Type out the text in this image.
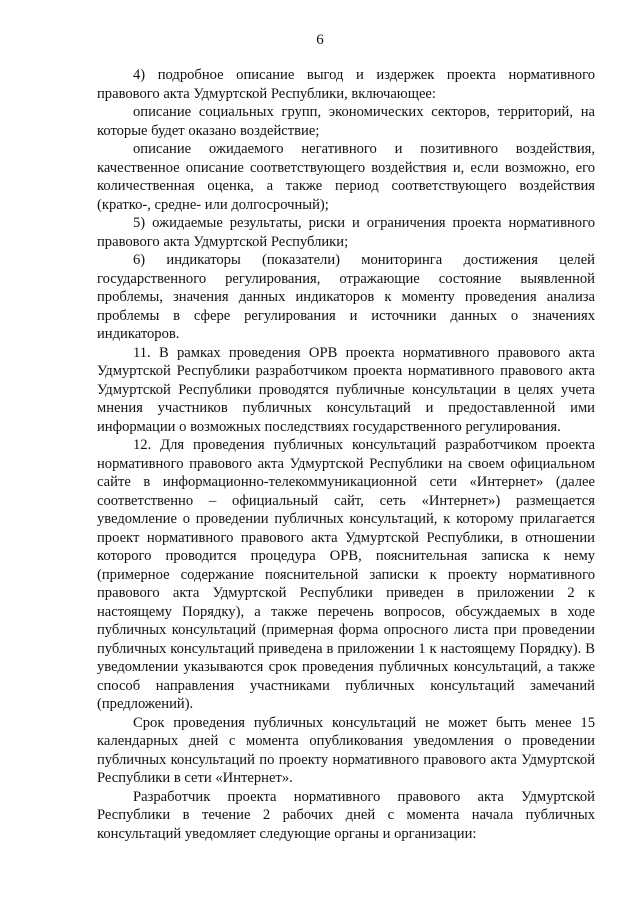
6

4) подробное описание выгод и издержек проекта нормативного правового акта Удмуртской Республики, включающее:

описание социальных групп, экономических секторов, территорий, на которые будет оказано воздействие;

описание ожидаемого негативного и позитивного воздействия, качественное описание соответствующего воздействия и, если возможно, его количественная оценка, а также период соответствующего воздействия (кратко-, средне- или долгосрочный);

5) ожидаемые результаты, риски и ограничения проекта нормативного правового акта Удмуртской Республики;

6) индикаторы (показатели) мониторинга достижения целей государственного регулирования, отражающие состояние выявленной проблемы, значения данных индикаторов к моменту проведения анализа проблемы в сфере регулирования и источники данных о значениях индикаторов.

11. В рамках проведения ОРВ проекта нормативного правового акта Удмуртской Республики разработчиком проекта нормативного правового акта Удмуртской Республики проводятся публичные консультации в целях учета мнения участников публичных консультаций и предоставленной ими информации о возможных последствиях государственного регулирования.

12. Для проведения публичных консультаций разработчиком проекта нормативного правового акта Удмуртской Республики на своем официальном сайте в информационно-телекоммуникационной сети «Интернет» (далее соответственно – официальный сайт, сеть «Интернет») размещается уведомление о проведении публичных консультаций, к которому прилагается проект нормативного правового акта Удмуртской Республики, в отношении которого проводится процедура ОРВ, пояснительная записка к нему (примерное содержание пояснительной записки к проекту нормативного правового акта Удмуртской Республики приведен в приложении 2 к настоящему Порядку), а также перечень вопросов, обсуждаемых в ходе публичных консультаций (примерная форма опросного листа при проведении публичных консультаций приведена в приложении 1 к настоящему Порядку). В уведомлении указываются срок проведения публичных консультаций, а также способ направления участниками публичных консультаций замечаний (предложений).

Срок проведения публичных консультаций не может быть менее 15 календарных дней с момента опубликования уведомления о проведении публичных консультаций по проекту нормативного правового акта Удмуртской Республики в сети «Интернет».

Разработчик проекта нормативного правового акта Удмуртской Республики в течение 2 рабочих дней с момента начала публичных консультаций уведомляет следующие органы и организации:
